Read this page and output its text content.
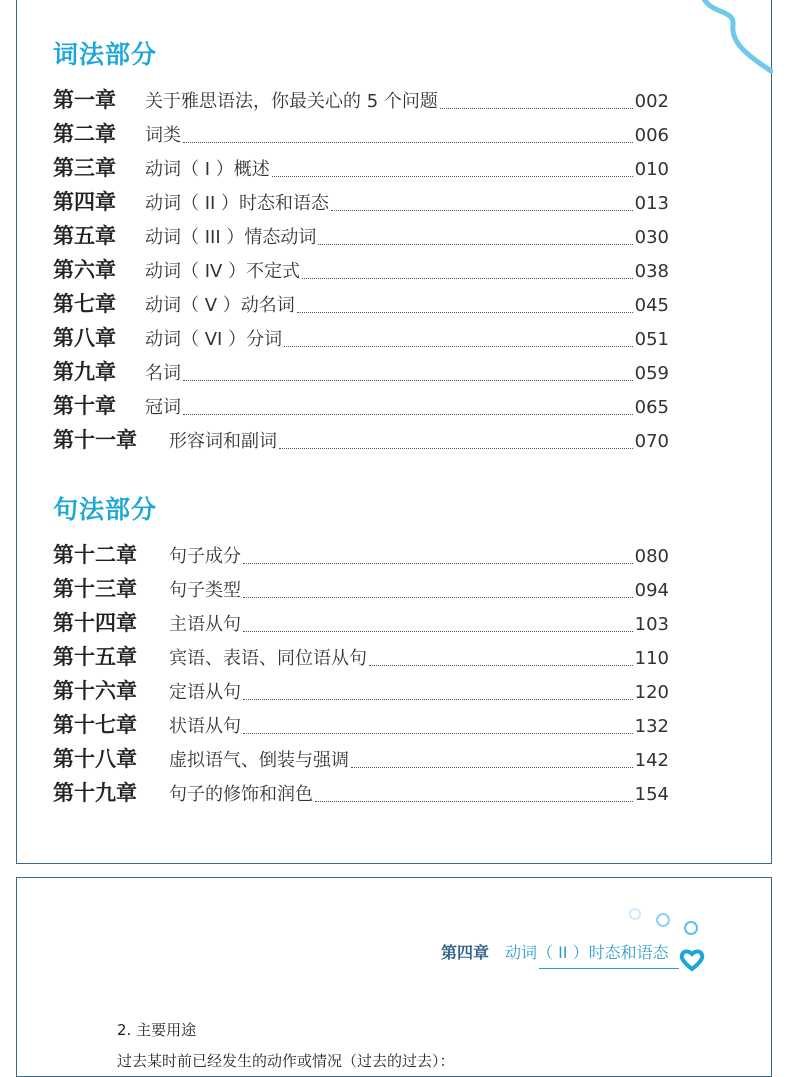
词法部分
第一章	关于雅思语法，你最关心的 5 个问题	002
第二章	词类	006
第三章	动词（ I ）概述	010
第四章	动词（ II ）时态和语态	013
第五章	动词（ III ）情态动词	030
第六章	动词（ IV ）不定式	038
第七章	动词（ V ）动名词	045
第八章	动词（ VI ）分词	051
第九章	名词	059
第十章	冠词	065
第十一章	形容词和副词	070
句法部分
第十二章	句子成分	080
第十三章	句子类型	094
第十四章	主语从句	103
第十五章	宾语、表语、同位语从句	110
第十六章	定语从句	120
第十七章	状语从句	132
第十八章	虚拟语气、倒装与强调	142
第十九章	句子的修饰和润色	154
第四章 动词（ II ）时态和语态
2. 主要用途
过去某时前已经发生的动作或情况（过去的过去）：
